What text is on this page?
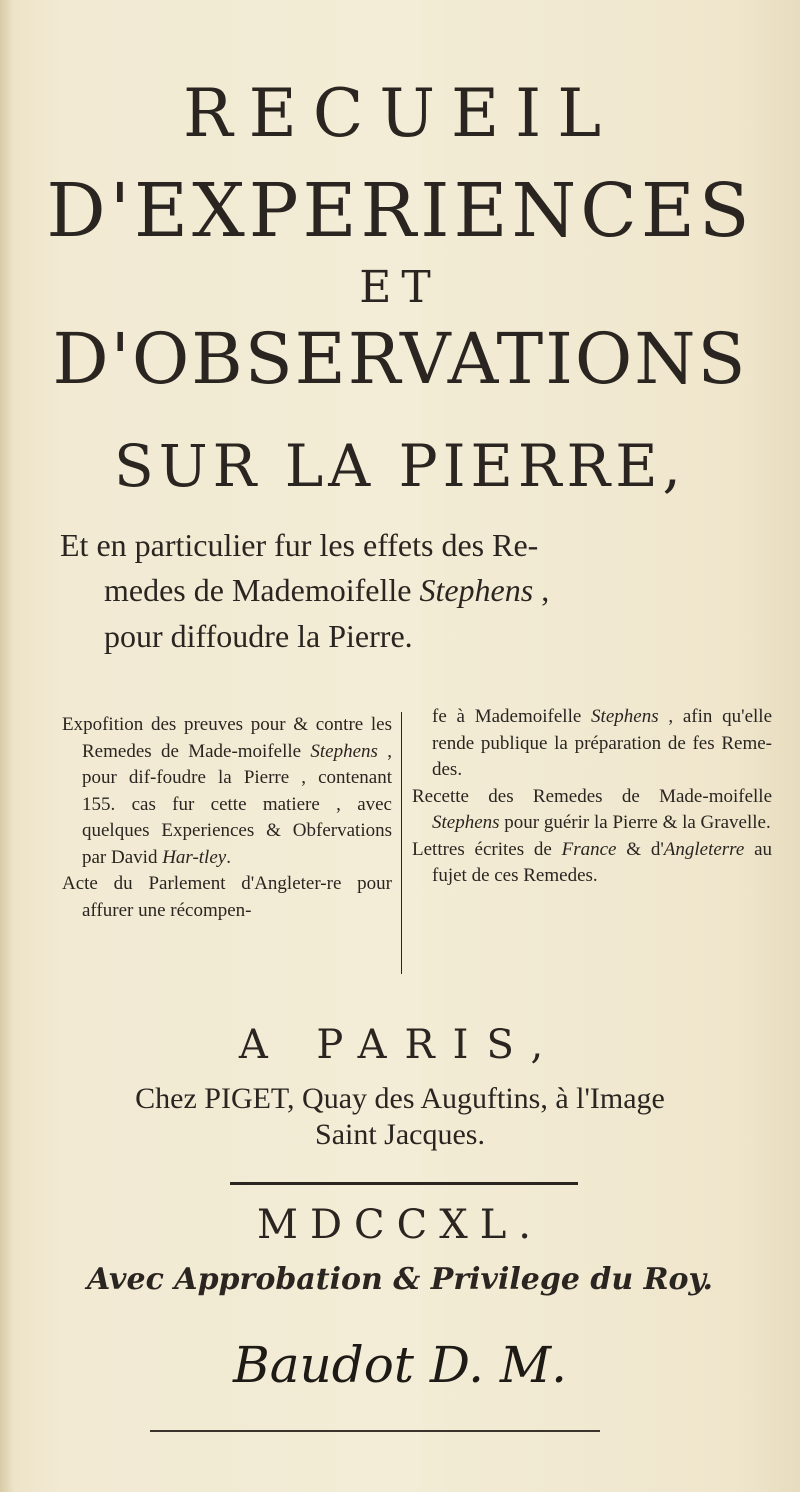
RECUEIL
D'EXPERIENCES
ET
D'OBSERVATIONS
SUR LA PIERRE,
Et en particulier fur les effets des Re-
medes de Mademoifelle Stephens ,
pour diffoudre la Pierre.

Expofition des preuves pour & contre les Remedes de Made-moifelle Stephens , pour dif-foudre la Pierre , contenant 155. cas fur cette matiere , avec quelques Experiences & Obfervations par David Har-tley.

Acte du Parlement d'Angleter-re pour affurer une récompen-

fe à Mademoifelle Stephens , afin qu'elle rende publique la préparation de fes Reme-des.

Recette des Remedes de Made-moifelle Stephens pour guérir la Pierre & la Gravelle.

Lettres écrites de France & d'Angleterre au fujet de ces Remedes.

A PARIS,
Chez PIGET, Quay des Auguftins, à l'Image
Saint Jacques.
MDCCXL.
Avec Approbation & Privilege du Roy.
Baudot D. M.
